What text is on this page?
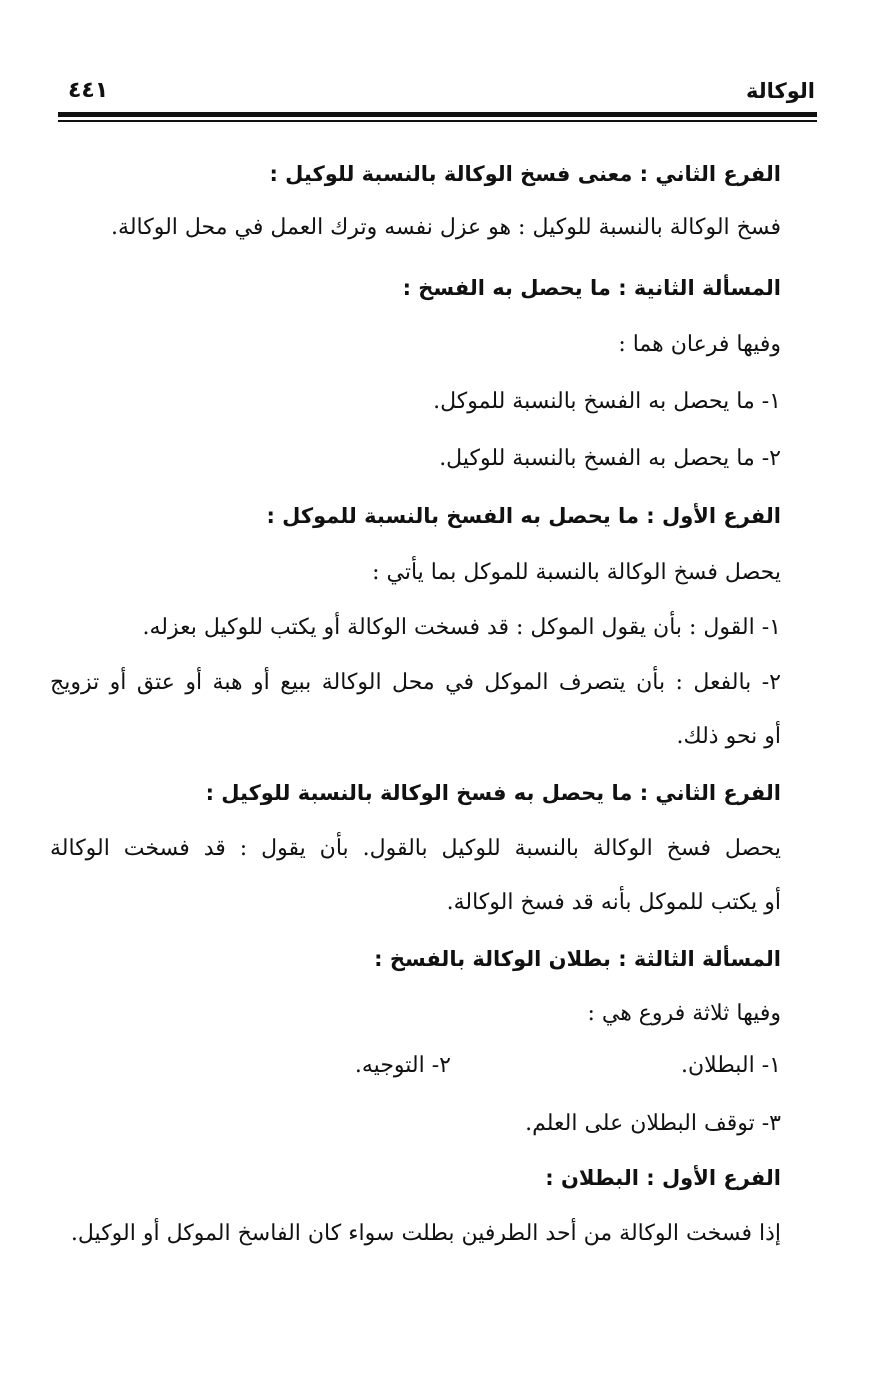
الوكالة
٤٤١
الفرع الثاني : معنى فسخ الوكالة بالنسبة للوكيل :
فسخ الوكالة بالنسبة للوكيل : هو عزل نفسه وترك العمل في محل الوكالة.
المسألة الثانية : ما يحصل به الفسخ :
وفيها فرعان هما :
١- ما يحصل به الفسخ بالنسبة للموكل.
٢- ما يحصل به الفسخ بالنسبة للوكيل.
الفرع الأول : ما يحصل به الفسخ بالنسبة للموكل :
يحصل فسخ الوكالة بالنسبة للموكل بما يأتي :
١- القول : بأن يقول الموكل : قد فسخت الوكالة أو يكتب للوكيل بعزله.
٢- بالفعل : بأن يتصرف الموكل في محل الوكالة ببيع أو هبة أو عتق أو تزويج
أو نحو ذلك.
الفرع الثاني : ما يحصل به فسخ الوكالة بالنسبة للوكيل :
يحصل فسخ الوكالة بالنسبة للوكيل بالقول. بأن يقول : قد فسخت الوكالة
أو يكتب للموكل بأنه قد فسخ الوكالة.
المسألة الثالثة : بطلان الوكالة بالفسخ :
وفيها ثلاثة فروع هي :
١- البطلان.
٢- التوجيه.
٣- توقف البطلان على العلم.
الفرع الأول : البطلان :
إذا فسخت الوكالة من أحد الطرفين بطلت سواء كان الفاسخ الموكل أو الوكيل.
